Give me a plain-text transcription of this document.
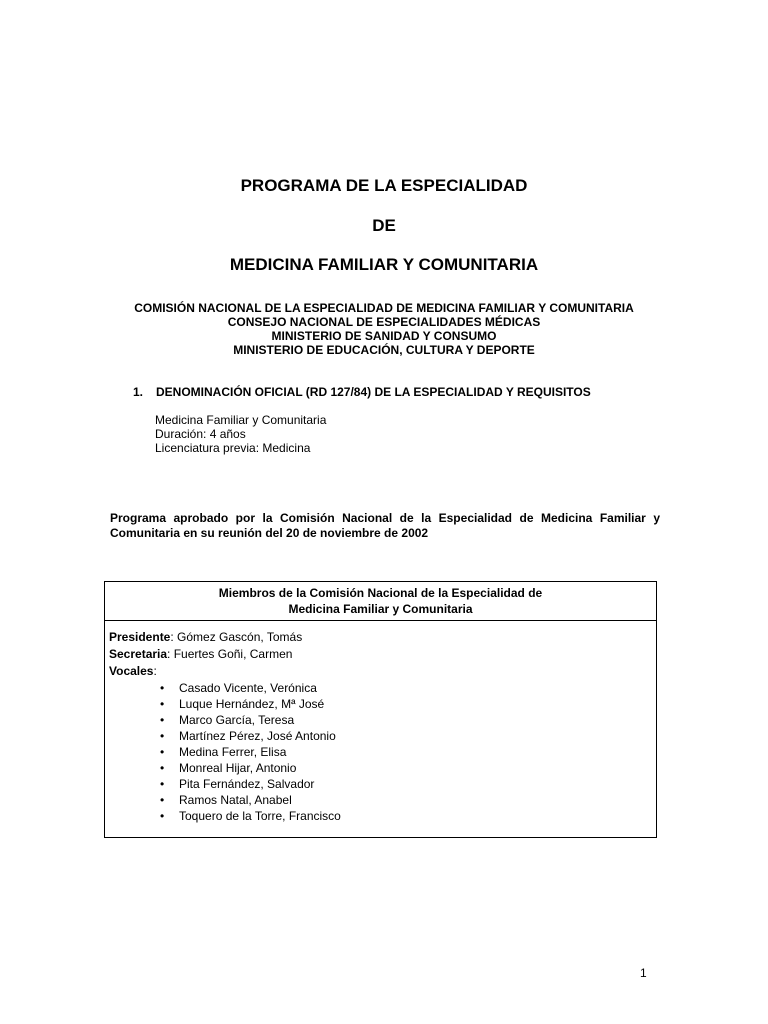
PROGRAMA DE LA ESPECIALIDAD
DE
MEDICINA FAMILIAR Y COMUNITARIA
COMISIÓN NACIONAL DE LA ESPECIALIDAD DE MEDICINA FAMILIAR Y COMUNITARIA
CONSEJO NACIONAL DE ESPECIALIDADES MÉDICAS
MINISTERIO DE SANIDAD Y CONSUMO
MINISTERIO DE EDUCACIÓN, CULTURA Y DEPORTE
1. DENOMINACIÓN OFICIAL (RD 127/84) DE LA ESPECIALIDAD Y REQUISITOS
Medicina Familiar y Comunitaria
Duración: 4 años
Licenciatura previa: Medicina
Programa aprobado por la Comisión Nacional de la Especialidad de Medicina Familiar y
Comunitaria en su reunión del 20 de noviembre de 2002
Miembros de la Comisión Nacional de la Especialidad de
Medicina Familiar y Comunitaria
Presidente: Gómez Gascón, Tomás
Secretaria: Fuertes Goñi, Carmen
Vocales:
• Casado Vicente, Verónica
• Luque Hernández, Mª José
• Marco García, Teresa
• Martínez Pérez, José Antonio
• Medina Ferrer, Elisa
• Monreal Hijar, Antonio
• Pita Fernández, Salvador
• Ramos Natal, Anabel
• Toquero de la Torre, Francisco
1
